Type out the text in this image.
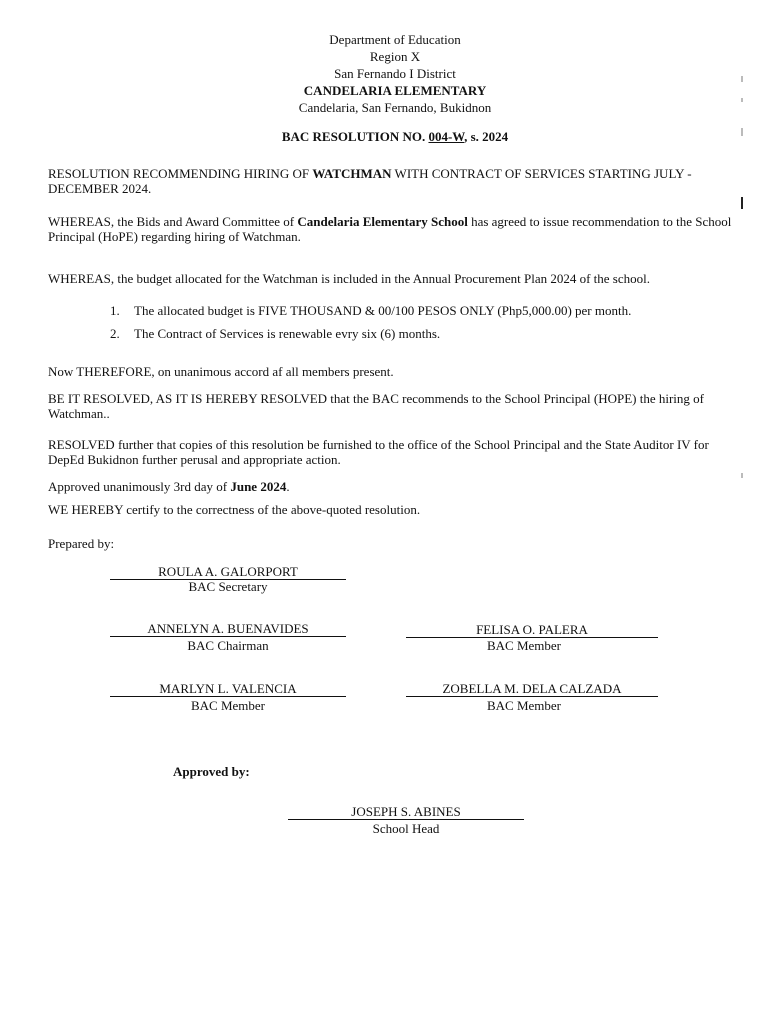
Department of Education
Region X
San Fernando I District
CANDELARIA ELEMENTARY
Candelaria, San Fernando, Bukidnon
BAC RESOLUTION NO. 004-W, s. 2024
RESOLUTION RECOMMENDING HIRING OF WATCHMAN WITH CONTRACT OF SERVICES STARTING JULY - DECEMBER 2024.
WHEREAS, the Bids and Award Committee of Candelaria Elementary School has agreed to issue recommendation to the School Principal (HoPE) regarding hiring of Watchman.
WHEREAS, the budget allocated for the Watchman is included in the Annual Procurement Plan 2024 of the school.
1. The allocated budget is FIVE THOUSAND & 00/100 PESOS ONLY (Php5,000.00) per month.
2. The Contract of Services is renewable evry six (6) months.
Now THEREFORE, on unanimous accord af all members present.
BE IT RESOLVED, AS IT IS HEREBY RESOLVED that the BAC recommends to the School Principal (HOPE) the hiring of Watchman..
RESOLVED further that copies of this resolution be furnished to the office of the School Principal and the State Auditor IV for DepEd Bukidnon further perusal and appropriate action.
Approved unanimously 3rd day of June 2024.
WE HEREBY certify to the correctness of the above-quoted resolution.
Prepared by:
ROULA A. GALORPORT
BAC Secretary
ANNELYN A. BUENAVIDES
BAC Chairman
FELISA O. PALERA
BAC Member
MARLYN L. VALENCIA
BAC Member
ZOBELLA M. DELA CALZADA
BAC Member
Approved by:
JOSEPH S. ABINES
School Head
